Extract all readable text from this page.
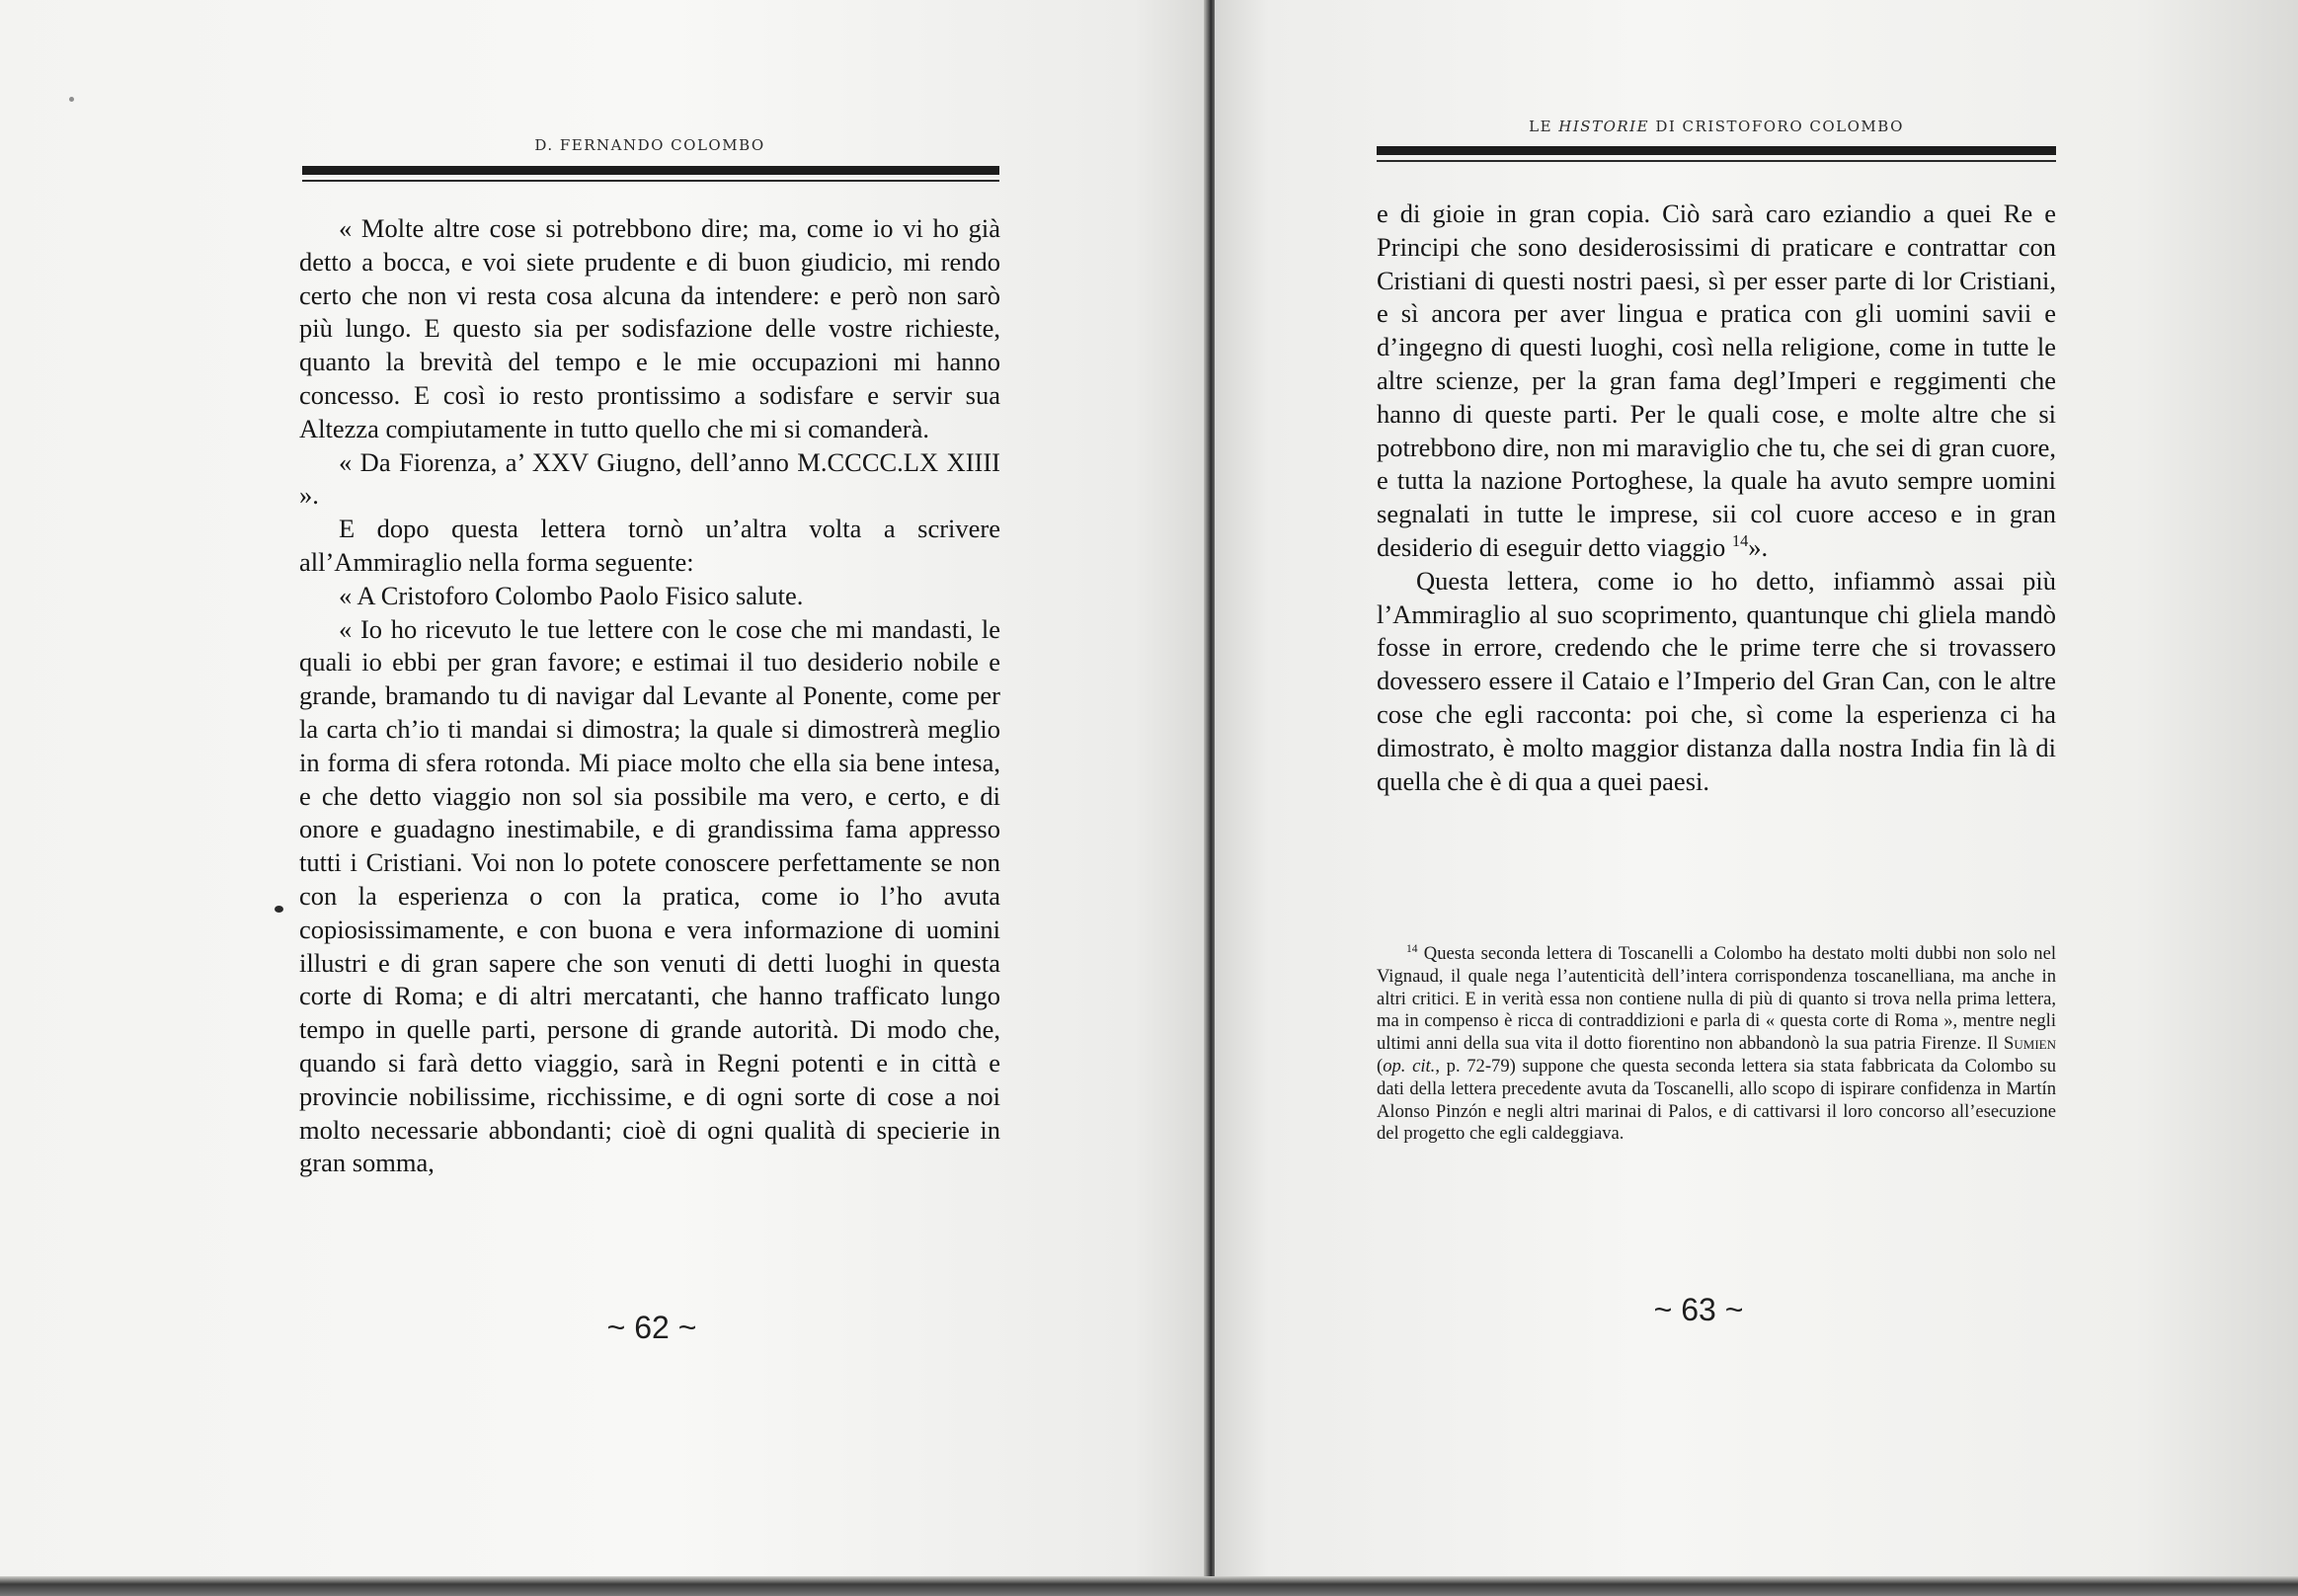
D. FERNANDO COLOMBO

« Molte altre cose si potrebbono dire; ma, come io vi ho già detto a bocca, e voi siete prudente e di buon giudicio, mi rendo certo che non vi resta cosa alcuna da intendere: e però non sarò più lungo. E questo sia per sodisfazione delle vostre richieste, quanto la brevità del tempo e le mie occupazioni mi hanno concesso. E così io resto prontissimo a sodisfare e servir sua Altezza compiutamente in tutto quello che mi si comanderà.

« Da Fiorenza, a’ XXV Giugno, dell’anno M.CCCC.LX XIIII ».

E dopo questa lettera tornò un’altra volta a scrivere all’Ammiraglio nella forma seguente:

« A Cristoforo Colombo Paolo Fisico salute.

« Io ho ricevuto le tue lettere con le cose che mi mandasti, le quali io ebbi per gran favore; e estimai il tuo desiderio nobile e grande, bramando tu di navigar dal Levante al Ponente, come per la carta ch’io ti mandai si dimostra; la quale si dimostrerà meglio in forma di sfera rotonda. Mi piace molto che ella sia bene intesa, e che detto viaggio non sol sia possibile ma vero, e certo, e di onore e guadagno inestimabile, e di grandissima fama appresso tutti i Cristiani. Voi non lo potete conoscere perfettamente se non con la esperienza o con la pratica, come io l’ho avuta copiosissimamente, e con buona e vera informazione di uomini illustri e di gran sapere che son venuti di detti luoghi in questa corte di Roma; e di altri mercatanti, che hanno trafficato lungo tempo in quelle parti, persone di grande autorità. Di modo che, quando si farà detto viaggio, sarà in Regni potenti e in città e provincie nobilissime, ricchissime, e di ogni sorte di cose a noi molto necessarie abbondanti; cioè di ogni qualità di specierie in gran somma,

~ 62 ~
LE HISTORIE DI CRISTOFORO COLOMBO

e di gioie in gran copia. Ciò sarà caro eziandio a quei Re e Principi che sono desiderosissimi di praticare e contrattar con Cristiani di questi nostri paesi, sì per esser parte di lor Cristiani, e sì ancora per aver lingua e pratica con gli uomini savii e d’ingegno di questi luoghi, così nella religione, come in tutte le altre scienze, per la gran fama degl’Imperi e reggimenti che hanno di queste parti. Per le quali cose, e molte altre che si potrebbono dire, non mi maraviglio che tu, che sei di gran cuore, e tutta la nazione Portoghese, la quale ha avuto sempre uomini segnalati in tutte le imprese, sii col cuore acceso e in gran desiderio di eseguir detto viaggio $^{14}$».

Questa lettera, come io ho detto, infiammò assai più l’Ammiraglio al suo scoprimento, quantunque chi gliela mandò fosse in errore, credendo che le prime terre che si trovassero dovessero essere il Cataio e l’Imperio del Gran Can, con le altre cose che egli racconta: poi che, sì come la esperienza ci ha dimostrato, è molto maggior distanza dalla nostra India fin là di quella che è di qua a quei paesi.

$^{14}$ Questa seconda lettera di Toscanelli a Colombo ha destato molti dubbi non solo nel Vignaud, il quale nega l’autenticità dell’intera corrispondenza toscanelliana, ma anche in altri critici. E in verità essa non contiene nulla di più di quanto si trova nella prima lettera, ma in compenso è ricca di contraddizioni e parla di « questa corte di Roma », mentre negli ultimi anni della sua vita il dotto fiorentino non abbandonò la sua patria Firenze. Il Sumien (op. cit., p. 72-79) suppone che questa seconda lettera sia stata fabbricata da Colombo su dati della lettera precedente avuta da Toscanelli, allo scopo di ispirare confidenza in Martín Alonso Pinzón e negli altri marinai di Palos, e di cattivarsi il loro concorso all’esecuzione del progetto che egli caldeggiava.

~ 63 ~
